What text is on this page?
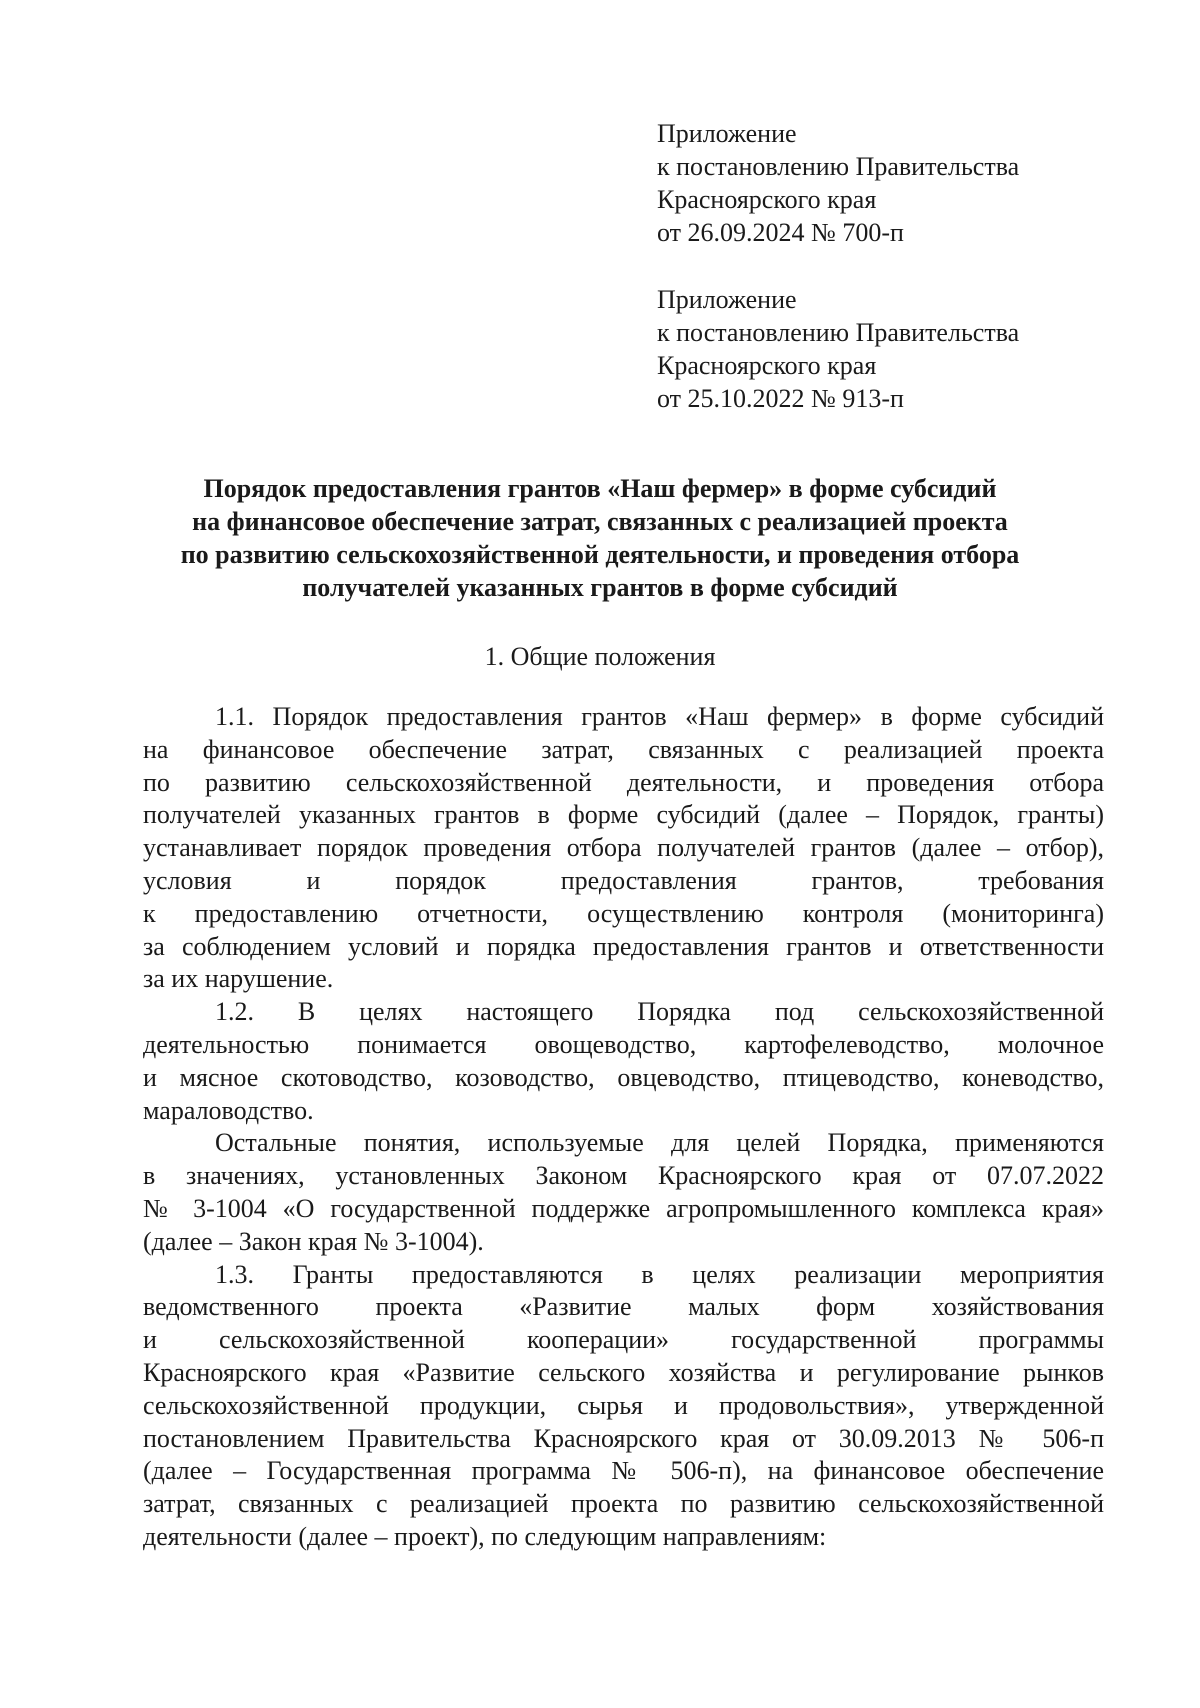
Приложение
к постановлению Правительства
Красноярского края
от 26.09.2024 № 700-п
Приложение
к постановлению Правительства
Красноярского края
от 25.10.2022 № 913-п
Порядок предоставления грантов «Наш фермер» в форме субсидий
на финансовое обеспечение затрат, связанных с реализацией проекта
по развитию сельскохозяйственной деятельности, и проведения отбора
получателей указанных грантов в форме субсидий
1. Общие положения
1.1. Порядок предоставления грантов «Наш фермер» в форме субсидий
на финансовое обеспечение затрат, связанных с реализацией проекта
по развитию сельскохозяйственной деятельности, и проведения отбора
получателей указанных грантов в форме субсидий (далее – Порядок, гранты)
устанавливает порядок проведения отбора получателей грантов (далее – отбор),
условия и порядок предоставления грантов, требования
к предоставлению отчетности, осуществлению контроля (мониторинга)
за соблюдением условий и порядка предоставления грантов и ответственности
за их нарушение.
1.2. В целях настоящего Порядка под сельскохозяйственной
деятельностью понимается овощеводство, картофелеводство, молочное
и мясное скотоводство, козоводство, овцеводство, птицеводство, коневодство,
мараловодство.
Остальные понятия, используемые для целей Порядка, применяются
в значениях, установленных Законом Красноярского края от 07.07.2022
№ 3-1004 «О государственной поддержке агропромышленного комплекса края»
(далее – Закон края № 3-1004).
1.3. Гранты предоставляются в целях реализации мероприятия
ведомственного проекта «Развитие малых форм хозяйствования
и сельскохозяйственной кооперации» государственной программы
Красноярского края «Развитие сельского хозяйства и регулирование рынков
сельскохозяйственной продукции, сырья и продовольствия», утвержденной
постановлением Правительства Красноярского края от 30.09.2013 № 506-п
(далее – Государственная программа № 506-п), на финансовое обеспечение
затрат, связанных с реализацией проекта по развитию сельскохозяйственной
деятельности (далее – проект), по следующим направлениям:
